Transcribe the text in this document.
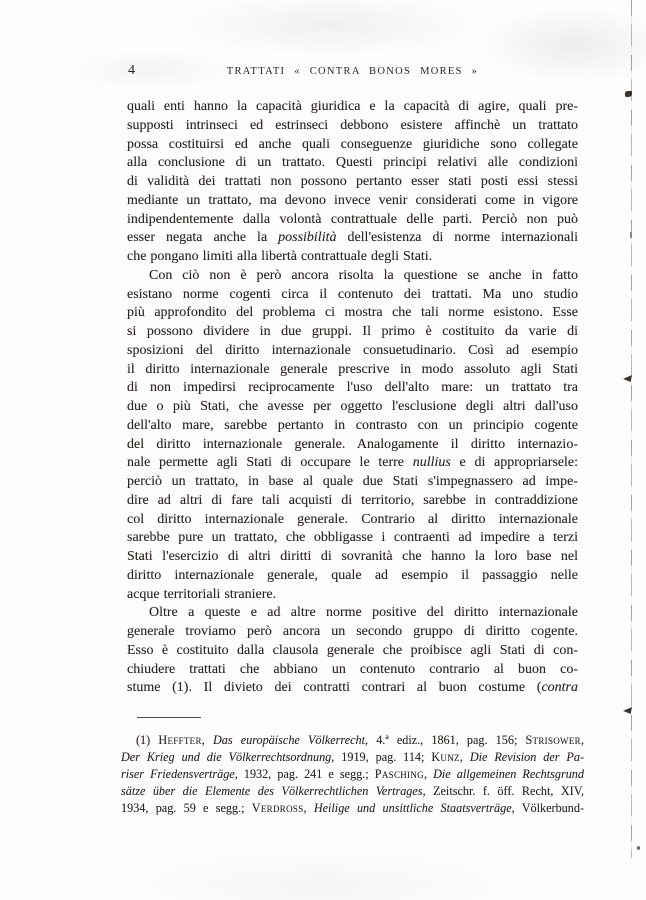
4	TRATTATI « CONTRA BONOS MORES »

quali enti hanno la capacità giuridica e la capacità di agire, quali pre-
supposti intrinseci ed estrinseci debbono esistere affinchè un trattato
possa costituirsi ed anche quali conseguenze giuridiche sono collegate
alla conclusione di un trattato. Questi principi relativi alle condizioni
di validità dei trattati non possono pertanto esser stati posti essi stessi
mediante un trattato, ma devono invece venir considerati come in vigore
indipendentemente dalla volontà contrattuale delle parti. Perciò non può
esser negata anche la possibilità dell'esistenza di norme internazionali
che pongano limiti alla libertà contrattuale degli Stati.

Con ciò non è però ancora risolta la questione se anche in fatto
esistano norme cogenti circa il contenuto dei trattati. Ma uno studio
più approfondito del problema ci mostra che tali norme esistono. Esse
si possono dividere in due gruppi. Il primo è costituito da varie di
sposizioni del diritto internazionale consuetudinario. Così ad esempio
il diritto internazionale generale prescrive in modo assoluto agli Stati
di non impedirsi reciprocamente l'uso dell'alto mare: un trattato tra
due o più Stati, che avesse per oggetto l'esclusione degli altri dall'uso
dell'alto mare, sarebbe pertanto in contrasto con un principio cogente
del diritto internazionale generale. Analogamente il diritto internazio-
nale permette agli Stati di occupare le terre nullius e di appropriarsele:
perciò un trattato, in base al quale due Stati s'impegnassero ad impe-
dire ad altri di fare tali acquisti di territorio, sarebbe in contraddizione
col diritto internazionale generale. Contrario al diritto internazionale
sarebbe pure un trattato, che obbligasse i contraenti ad impedire a terzi
Stati l'esercizio di altri diritti di sovranità che hanno la loro base nel
diritto internazionale generale, quale ad esempio il passaggio nelle
acque territoriali straniere.

Oltre a queste e ad altre norme positive del diritto internazionale
generale troviamo però ancora un secondo gruppo di diritto cogente.
Esso è costituito dalla clausola generale che proibisce agli Stati di con-
chiudere trattati che abbiano un contenuto contrario al buon co-
stume (1). Il divieto dei contratti contrari al buon costume (contra

(1) Heffter, Das europäische Völkerrecht, 4.ª ediz., 1861, pag. 156; Strisower,
Der Krieg und die Völkerrechtsordnung, 1919, pag. 114; Kunz, Die Revision der Pa-
riser Friedensverträge, 1932, pag. 241 e segg.; Pasching, Die allgemeinen Rechtsgrund
sätze über die Elemente des Völkerrechtlichen Vertrages, Zeitschr. f. öff. Recht, XIV,
1934, pag. 59 e segg.; Verdross, Heilige und unsittliche Staatsverträge, Völkerbund-
